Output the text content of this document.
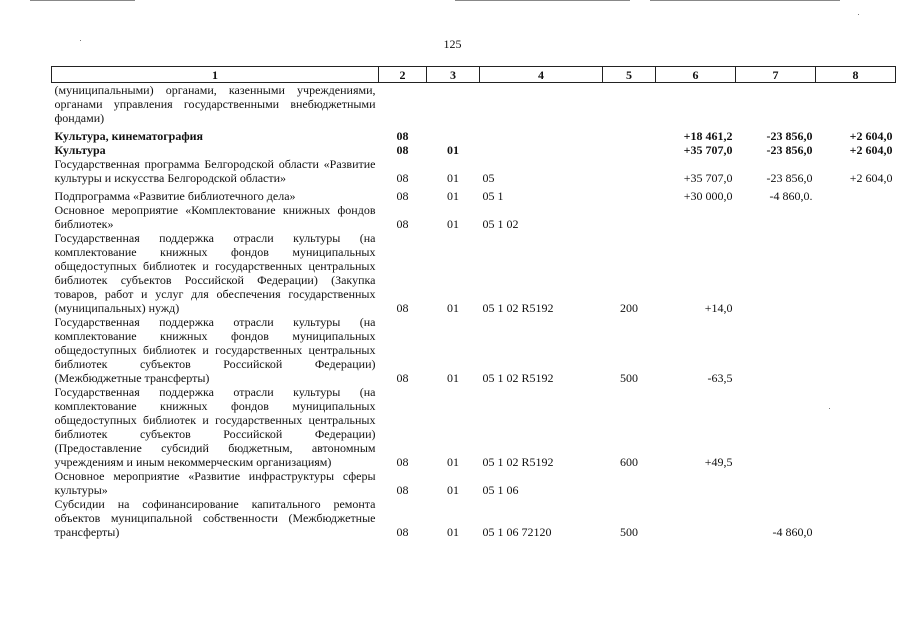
125
1	2	3	4	5	6	7	8
(муниципальными) органами, казенными учреждениями, органами управления государственными внебюджетными фондами)							
Культура, кинематография	08				+18 461,2	-23 856,0	+2 604,0
Культура	08	01			+35 707,0	-23 856,0	+2 604,0
Государственная программа Белгородской области «Развитие культуры и искусства Белгородской области»	08	01	05		+35 707,0	-23 856,0	+2 604,0
Подпрограмма «Развитие библиотечного дела»	08	01	05 1		+30 000,0	-4 860,0.	
Основное мероприятие «Комплектование книжных фондов библиотек»	08	01	05 1 02				
Государственная поддержка отрасли культуры (на комплектование книжных фондов муниципальных общедоступных библиотек и государственных центральных библиотек субъектов Российской Федерации) (Закупка товаров, работ и услуг для обеспечения государственных (муниципальных) нужд)	08	01	05 1 02 R5192	200	+14,0		
Государственная поддержка отрасли культуры (на комплектование книжных фондов муниципальных общедоступных библиотек и государственных центральных библиотек субъектов Российской Федерации) (Межбюджетные трансферты)	08	01	05 1 02 R5192	500	-63,5		
Государственная поддержка отрасли культуры (на комплектование книжных фондов муниципальных общедоступных библиотек и государственных центральных библиотек субъектов Российской Федерации) (Предоставление субсидий бюджетным, автономным учреждениям и иным некоммерческим организациям)	08	01	05 1 02 R5192	600	+49,5		
Основное мероприятие «Развитие инфраструктуры сферы культуры»	08	01	05 1 06				
Субсидии на софинансирование капитального ремонта объектов муниципальной собственности (Межбюджетные трансферты)	08	01	05 1 06 72120	500		-4 860,0	
